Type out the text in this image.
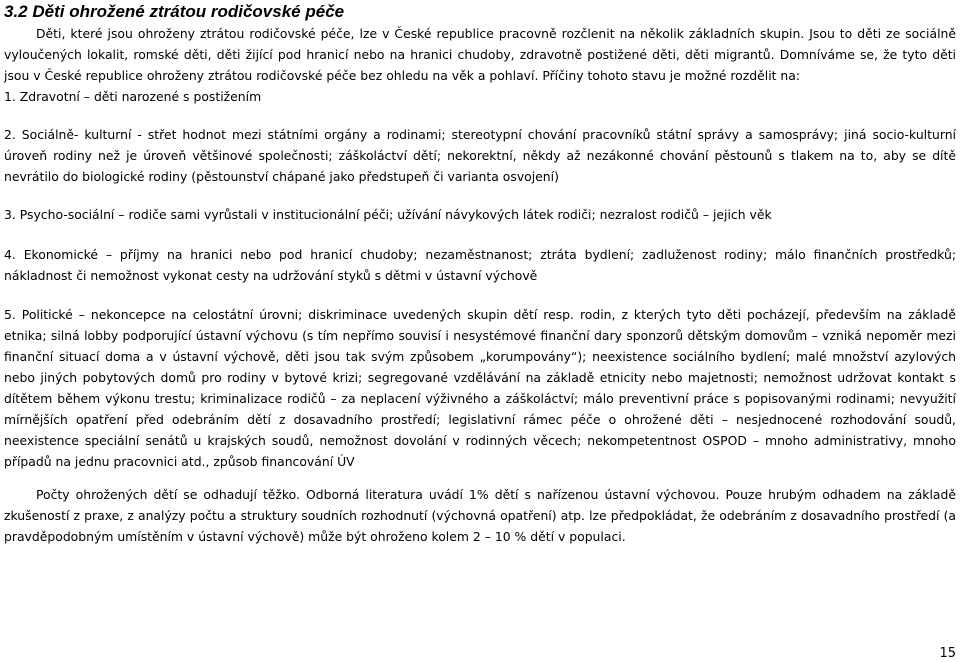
3.2 Děti ohrožené ztrátou rodičovské péče

Děti, které jsou ohroženy ztrátou rodičovské péče, lze v České republice pracovně rozčlenit na několik základních skupin. Jsou to děti ze sociálně vyloučených lokalit, romské děti, děti žijící pod hranicí nebo na hranici chudoby, zdravotně postižené děti, děti migrantů. Domníváme se, že tyto děti jsou v České republice ohroženy ztrátou rodičovské péče bez ohledu na věk a pohlaví. Příčiny tohoto stavu je možné rozdělit na:

1. Zdravotní – děti narozené s postižením

2. Sociálně- kulturní - střet hodnot mezi státními orgány a rodinami; stereotypní chování pracovníků státní správy a samosprávy; jiná socio-kulturní úroveň rodiny než je úroveň většinové společnosti; záškoláctví dětí; nekorektní, někdy až nezákonné chování pěstounů s tlakem na to, aby se dítě nevrátilo do biologické rodiny (pěstounství chápané jako předstupeň či varianta osvojení)

3. Psycho-sociální – rodiče sami vyrůstali v institucionální péči; užívání návykových látek rodiči; nezralost rodičů – jejich věk

4. Ekonomické – příjmy na hranici nebo pod hranicí chudoby; nezaměstnanost; ztráta bydlení; zadluženost rodiny; málo finančních prostředků; nákladnost či nemožnost vykonat cesty na udržování styků s dětmi v ústavní výchově

5. Politické – nekoncepce na celostátní úrovni; diskriminace uvedených skupin dětí resp. rodin, z kterých tyto děti pocházejí, především na základě etnika; silná lobby podporující ústavní výchovu (s tím nepřímo souvisí i nesystémové finanční dary sponzorů dětským domovům – vzniká nepoměr mezi finanční situací doma a v ústavní výchově, děti jsou tak svým způsobem „korumpovány“); neexistence sociálního bydlení; malé množství azylových nebo jiných pobytových domů pro rodiny v bytové krizi; segregované vzdělávání na základě etnicity nebo majetnosti; nemožnost udržovat kontakt s dítětem během výkonu trestu; kriminalizace rodičů – za neplacení výživného a záškoláctví; málo preventivní práce s popisovanými rodinami; nevyužití mírnějších opatření před odebráním dětí z dosavadního prostředí; legislativní rámec péče o ohrožené děti – nesjednocené rozhodování soudů, neexistence speciální senátů u krajských soudů, nemožnost dovolání v rodinných věcech; nekompetentnost OSPOD – mnoho administrativy, mnoho případů na jednu pracovnici atd., způsob financování ÚV

Počty ohrožených dětí se odhadují těžko. Odborná literatura uvádí 1% dětí s nařízenou ústavní výchovou. Pouze hrubým odhadem na základě zkušeností z praxe, z analýzy počtu a struktury soudních rozhodnutí (výchovná opatření) atp. lze předpokládat, že odebráním z dosavadního prostředí (a pravděpodobným umístěním v ústavní výchově) může být ohroženo kolem 2 – 10 % dětí v populaci.

15
